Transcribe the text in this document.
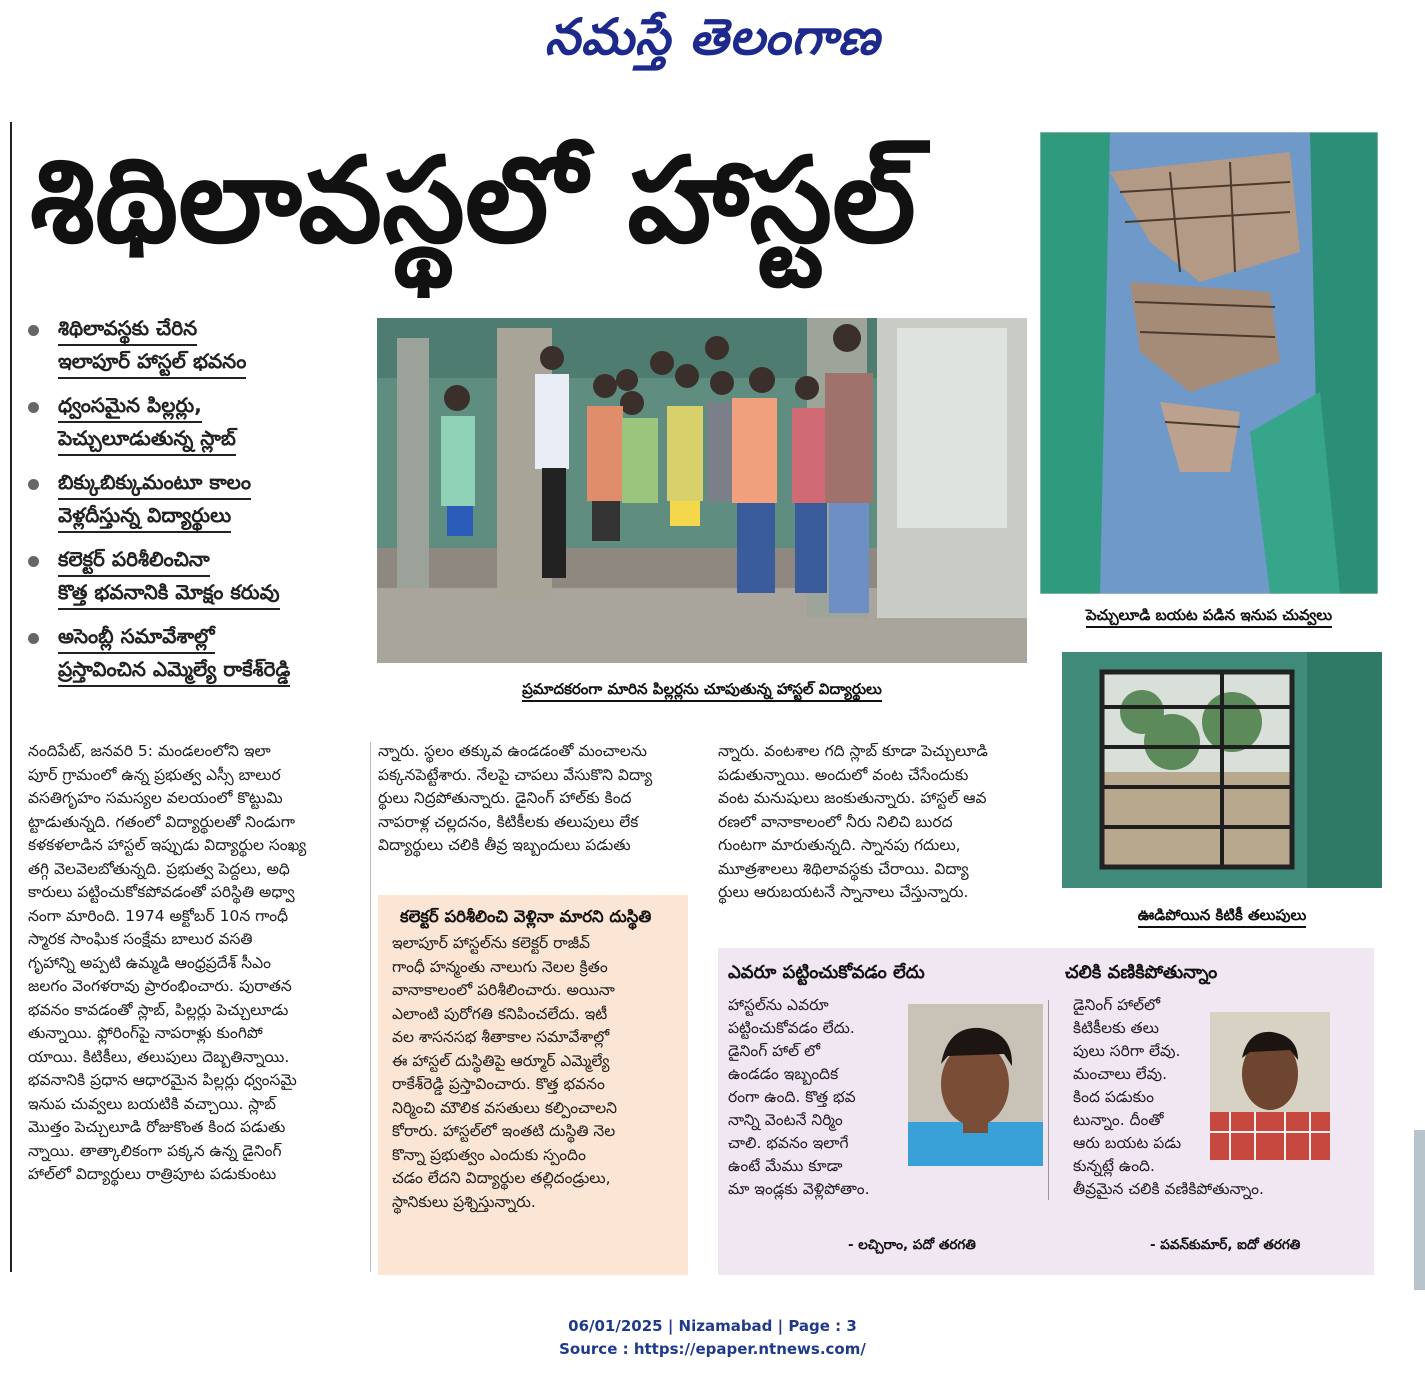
నమస్తే తెలంగాణ
శిథిలావస్థలో హాస్టల్
శిథిలావస్థకు చేరిన
ఇలాపూర్ హాస్టల్ భవనం
ధ్వంసమైన పిల్లర్లు,
పెచ్చులూడుతున్న స్లాబ్
బిక్కుబిక్కుమంటూ కాలం
వెళ్లదీస్తున్న విద్యార్థులు
కలెక్టర్ పరిశీలించినా
కొత్త భవనానికి మోక్షం కరువు
అసెంబ్లీ సమావేశాల్లో
ప్రస్తావించిన ఎమ్మెల్యే రాకేశ్‌రెడ్డి
ప్రమాదకరంగా మారిన పిల్లర్లను చూపుతున్న హాస్టల్ విద్యార్థులు
పెచ్చులూడి బయట పడిన ఇనుప చువ్వలు
ఊడిపోయిన కిటికీ తలుపులు

నందిపేట్, జనవరి 5: మండలంలోని ఇలా

పూర్ గ్రామంలో ఉన్న ప్రభుత్వ ఎస్సీ బాలుర

వసతిగృహం సమస్యల వలయంలో కొట్టుమి

ట్టాడుతున్నది. గతంలో విద్యార్థులతో నిండుగా

కళకళలాడిన హాస్టల్ ఇప్పుడు విద్యార్థుల సంఖ్య

తగ్గి వెలవెలబోతున్నది. ప్రభుత్వ పెద్దలు, అధి

కారులు పట్టించుకోకపోవడంతో పరిస్థితి అధ్వా

నంగా మారింది. 1974 అక్టోబర్ 10న గాంధీ

స్మారక సాంఘిక సంక్షేమ బాలుర వసతి

గృహాన్ని అప్పటి ఉమ్మడి ఆంధ్రప్రదేశ్ సీఎం

జలగం వెంగళరావు ప్రారంభించారు. పురాతన

భవనం కావడంతో స్లాబ్, పిల్లర్లు పెచ్చులూడు

తున్నాయి. ఫ్లోరింగ్‌పై నాపరాళ్లు కుంగిపో

యాయి. కిటికీలు, తలుపులు దెబ్బతిన్నాయి.

భవనానికి ప్రధాన ఆధారమైన పిల్లర్లు ధ్వంసమై

ఇనుప చువ్వలు బయటికి వచ్చాయి. స్లాబ్

మొత్తం పెచ్చులూడి రోజుకొంత కింద పడుతు

న్నాయి. తాత్కాలికంగా పక్కన ఉన్న డైనింగ్

హాల్‌లో విద్యార్థులు రాత్రిపూట పడుకుంటు

న్నారు. స్థలం తక్కువ ఉండడంతో మంచాలను

పక్కనపెట్టేశారు. నేలపై చాపలు వేసుకొని విద్యా

ర్థులు నిద్రపోతున్నారు. డైనింగ్ హాల్‌కు కింద

నాపరాళ్ల చల్లదనం, కిటికీలకు తలుపులు లేక

విద్యార్థులు చలికి తీవ్ర ఇబ్బందులు పడుతు

న్నారు. వంటశాల గది స్లాబ్ కూడా పెచ్చులూడి

పడుతున్నాయి. అందులో వంట చేసేందుకు

వంట మనుషులు జంకుతున్నారు. హాస్టల్ ఆవ

రణలో వానాకాలంలో నీరు నిలిచి బురద

గుంటగా మారుతున్నది. స్నానపు గదులు,

మూత్రశాలలు శిథిలావస్థకు చేరాయి. విద్యా

ర్థులు ఆరుబయటనే స్నానాలు చేస్తున్నారు.

కలెక్టర్ పరిశీలించి వెళ్లినా మారని దుస్థితి

ఇలాపూర్ హాస్టల్‌ను కలెక్టర్ రాజీవ్

గాంధీ హన్మంతు నాలుగు నెలల క్రితం

వానాకాలంలో పరిశీలించారు. అయినా

ఎలాంటి పురోగతి కనిపించలేదు. ఇటీ

వల శాసనసభ శీతాకాల సమావేశాల్లో

ఈ హాస్టల్ దుస్థితిపై ఆర్మూర్ ఎమ్మెల్యే

రాకేశ్‌రెడ్డి ప్రస్తావించారు. కొత్త భవనం

నిర్మించి మౌలిక వసతులు కల్పించాలని

కోరారు. హాస్టల్‌లో ఇంతటి దుస్థితి నెల

కొన్నా ప్రభుత్వం ఎందుకు స్పందిం

చడం లేదని విద్యార్థుల తల్లిదండ్రులు,

స్థానికులు ప్రశ్నిస్తున్నారు.

ఎవరూ పట్టించుకోవడం లేదు

హాస్టల్‌ను ఎవరూ

పట్టించుకోవడం లేదు.

డైనింగ్ హాల్ లో

ఉండడం ఇబ్బందిక

రంగా ఉంది. కొత్త భవ

నాన్ని వెంటనే నిర్మిం

చాలి. భవనం ఇలాగే

ఉంటే మేము కూడా

మా ఇండ్లకు వెళ్లిపోతాం.

- లచ్చిరాం, పదో తరగతి
చలికి వణికిపోతున్నాం

డైనింగ్ హాల్‌లో

కిటికీలకు తలు

పులు సరిగా లేవు.

మంచాలు లేవు.

కింద పడుకుం

టున్నాం. దీంతో

ఆరు బయట పడు

కున్నట్లే ఉంది.

తీవ్రమైన చలికి వణికిపోతున్నాం.

- పవన్‌కుమార్, ఐదో తరగతి
06/01/2025 | Nizamabad | Page : 3
Source : https://epaper.ntnews.com/
